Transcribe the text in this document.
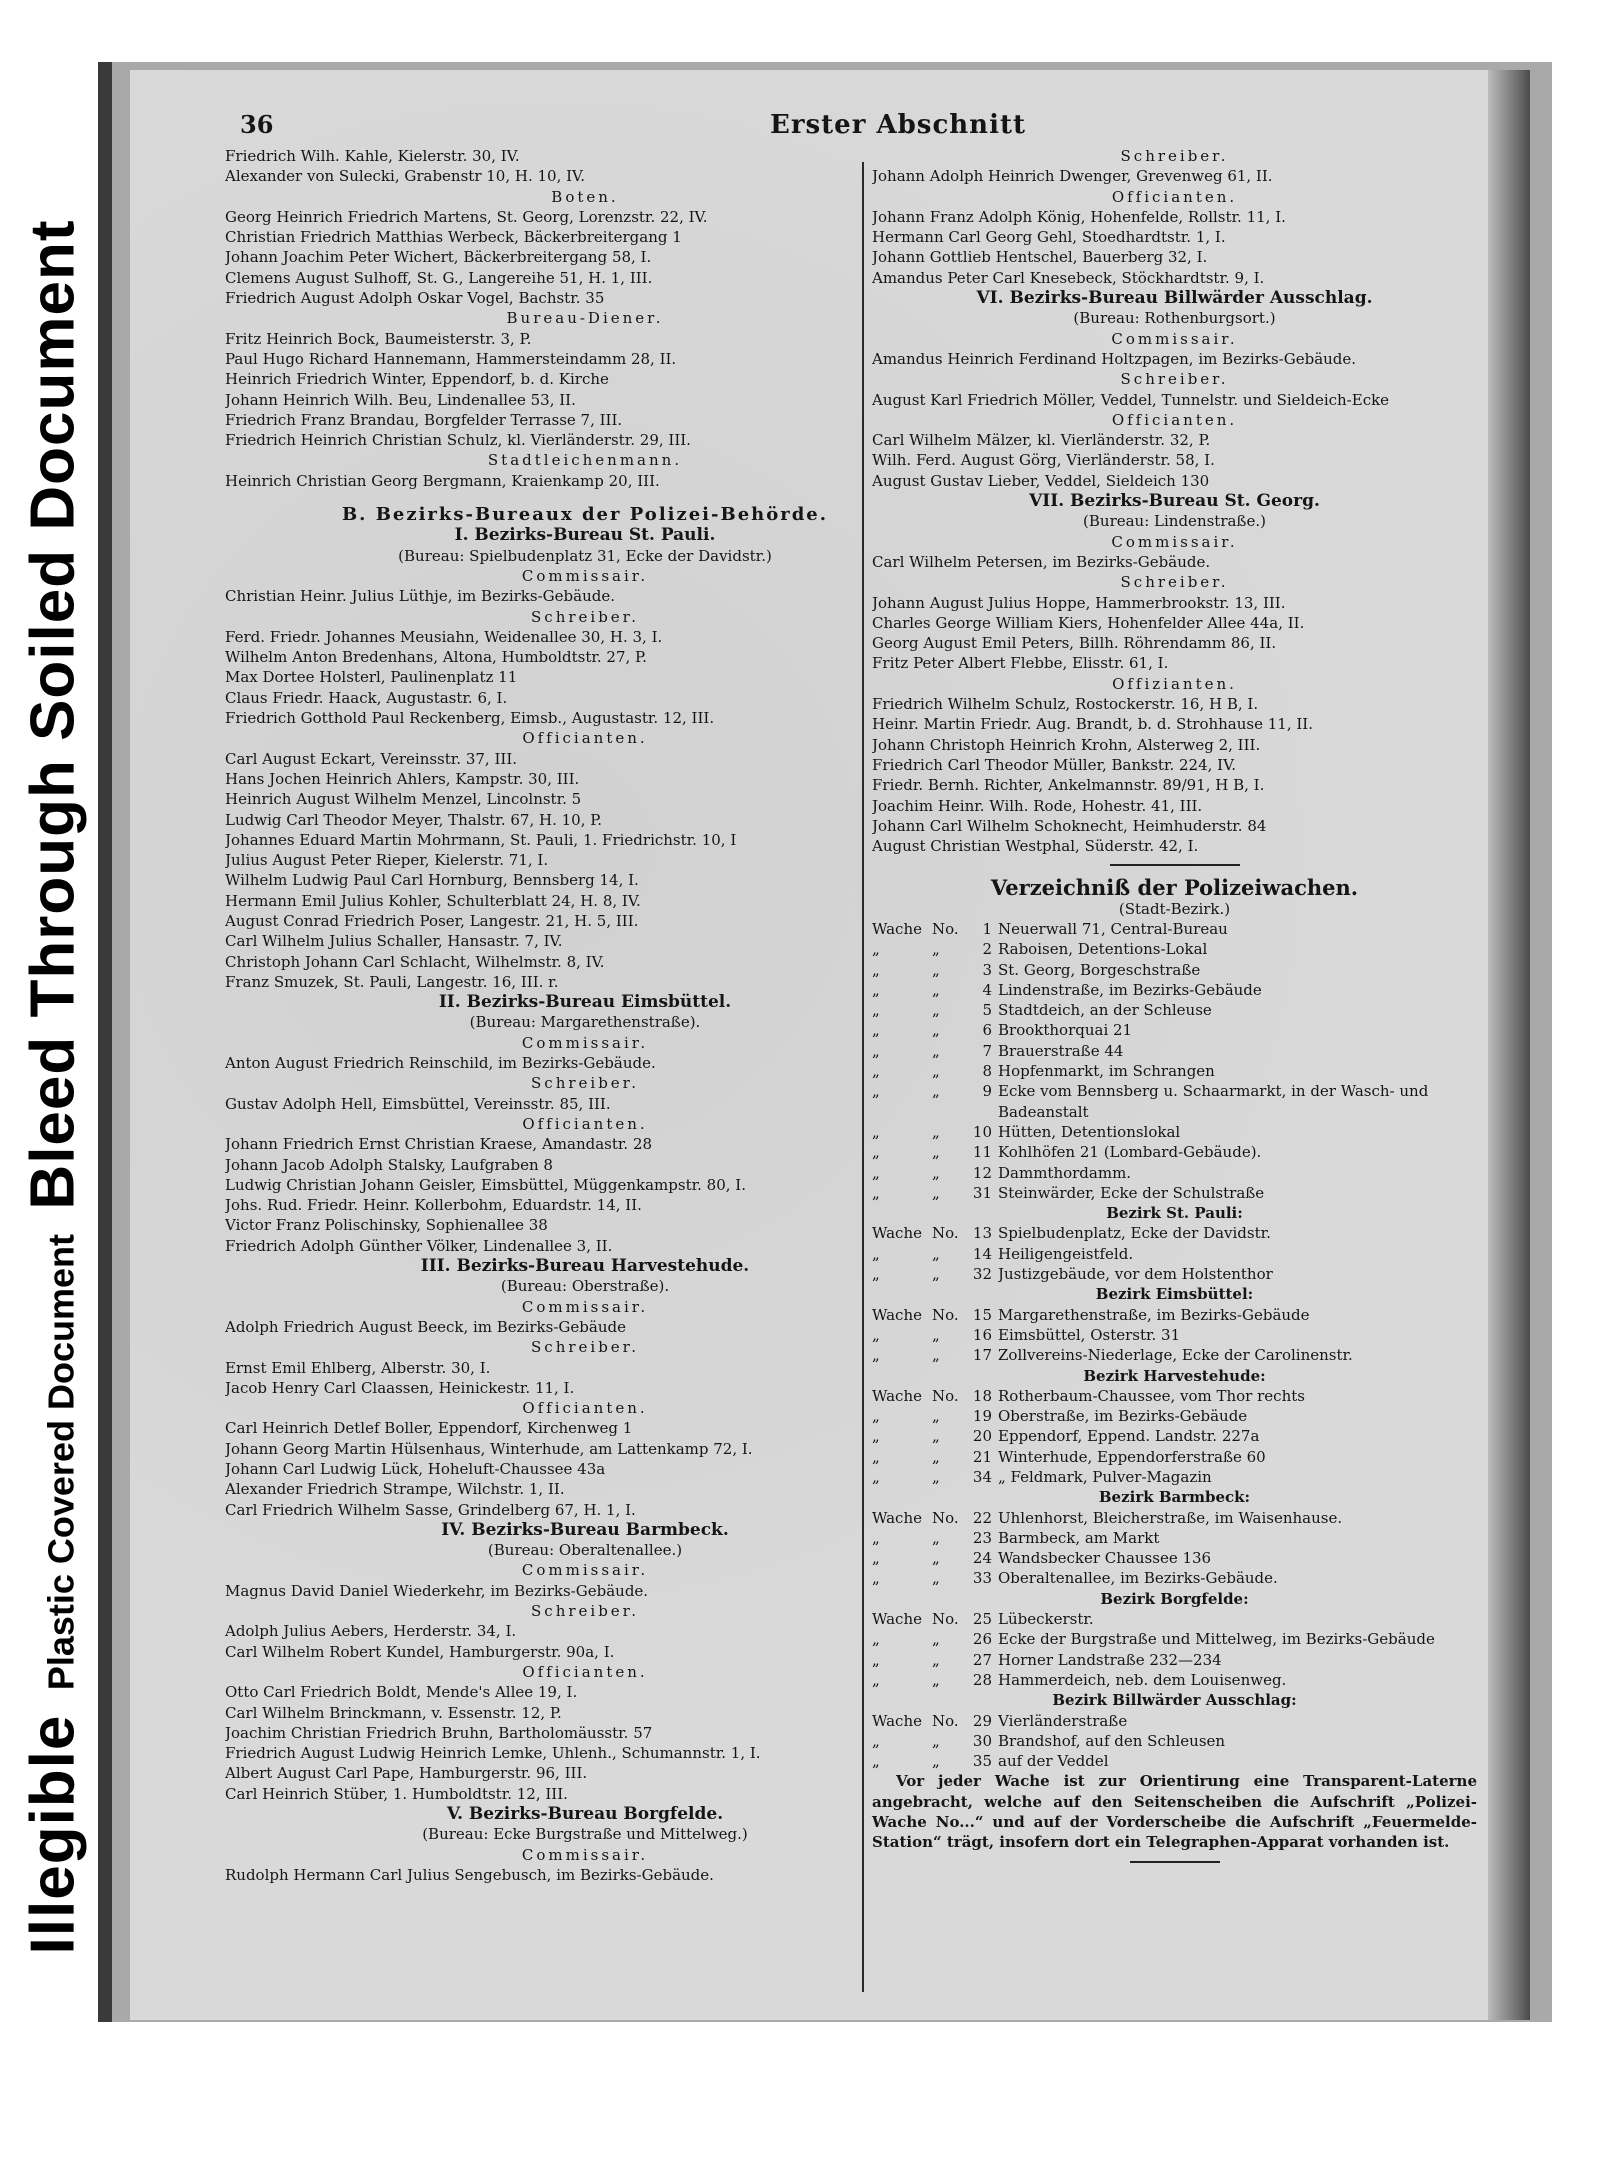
Illegible Plastic Covered Document Bleed Through Soiled Document
36	Erster Abschnitt
Friedrich Wilh. Kahle, Kielerstr. 30, IV.
Alexander von Sulecki, Grabenstr 10, H. 10, IV.
Boten.
Georg Heinrich Friedrich Martens, St. Georg, Lorenzstr. 22, IV.
Christian Friedrich Matthias Werbeck, Bäckerbreitergang 1
Johann Joachim Peter Wichert, Bäckerbreitergang 58, I.
Clemens August Sulhoff, St. G., Langereihe 51, H. 1, III.
Friedrich August Adolph Oskar Vogel, Bachstr. 35
Bureau-Diener.
Fritz Heinrich Bock, Baumeisterstr. 3, P.
Paul Hugo Richard Hannemann, Hammersteindamm 28, II.
Heinrich Friedrich Winter, Eppendorf, b. d. Kirche
Johann Heinrich Wilh. Beu, Lindenallee 53, II.
Friedrich Franz Brandau, Borgfelder Terrasse 7, III.
Friedrich Heinrich Christian Schulz, kl. Vierländerstr. 29, III.
Stadtleichenmann.
Heinrich Christian Georg Bergmann, Kraienkamp 20, III.
B. Bezirks-Bureaux der Polizei-Behörde.
I. Bezirks-Bureau St. Pauli.
(Bureau: Spielbudenplatz 31, Ecke der Davidstr.)
Commissair.
Christian Heinr. Julius Lüthje, im Bezirks-Gebäude.
Schreiber.
Ferd. Friedr. Johannes Meusiahn, Weidenallee 30, H. 3, I.
Wilhelm Anton Bredenhans, Altona, Humboldtstr. 27, P.
Max Dortee Holsterl, Paulinenplatz 11
Claus Friedr. Haack, Augustastr. 6, I.
Friedrich Gotthold Paul Reckenberg, Eimsb., Augustastr. 12, III.
Officianten.
Carl August Eckart, Vereinsstr. 37, III.
Hans Jochen Heinrich Ahlers, Kampstr. 30, III.
Heinrich August Wilhelm Menzel, Lincolnstr. 5
Ludwig Carl Theodor Meyer, Thalstr. 67, H. 10, P.
Johannes Eduard Martin Mohrmann, St. Pauli, 1. Friedrichstr. 10, I
Julius August Peter Rieper, Kielerstr. 71, I.
Wilhelm Ludwig Paul Carl Hornburg, Bennsberg 14, I.
Hermann Emil Julius Kohler, Schulterblatt 24, H. 8, IV.
August Conrad Friedrich Poser, Langestr. 21, H. 5, III.
Carl Wilhelm Julius Schaller, Hansastr. 7, IV.
Christoph Johann Carl Schlacht, Wilhelmstr. 8, IV.
Franz Smuzek, St. Pauli, Langestr. 16, III. r.
II. Bezirks-Bureau Eimsbüttel.
(Bureau: Margarethenstraße).
Commissair.
Anton August Friedrich Reinschild, im Bezirks-Gebäude.
Schreiber.
Gustav Adolph Hell, Eimsbüttel, Vereinsstr. 85, III.
Officianten.
Johann Friedrich Ernst Christian Kraese, Amandastr. 28
Johann Jacob Adolph Stalsky, Laufgraben 8
Ludwig Christian Johann Geisler, Eimsbüttel, Müggenkampstr. 80, I.
Johs. Rud. Friedr. Heinr. Kollerbohm, Eduardstr. 14, II.
Victor Franz Polischinsky, Sophienallee 38
Friedrich Adolph Günther Völker, Lindenallee 3, II.
III. Bezirks-Bureau Harvestehude.
(Bureau: Oberstraße).
Commissair.
Adolph Friedrich August Beeck, im Bezirks-Gebäude
Schreiber.
Ernst Emil Ehlberg, Alberstr. 30, I.
Jacob Henry Carl Claassen, Heinickestr. 11, I.
Officianten.
Carl Heinrich Detlef Boller, Eppendorf, Kirchenweg 1
Johann Georg Martin Hülsenhaus, Winterhude, am Lattenkamp 72, I.
Johann Carl Ludwig Lück, Hoheluft-Chaussee 43a
Alexander Friedrich Strampe, Wilchstr. 1, II.
Carl Friedrich Wilhelm Sasse, Grindelberg 67, H. 1, I.
IV. Bezirks-Bureau Barmbeck.
(Bureau: Oberaltenallee.)
Commissair.
Magnus David Daniel Wiederkehr, im Bezirks-Gebäude.
Schreiber.
Adolph Julius Aebers, Herderstr. 34, I.
Carl Wilhelm Robert Kundel, Hamburgerstr. 90a, I.
Officianten.
Otto Carl Friedrich Boldt, Mende's Allee 19, I.
Carl Wilhelm Brinckmann, v. Essenstr. 12, P.
Joachim Christian Friedrich Bruhn, Bartholomäusstr. 57
Friedrich August Ludwig Heinrich Lemke, Uhlenh., Schumannstr. 1, I.
Albert August Carl Pape, Hamburgerstr. 96, III.
Carl Heinrich Stüber, 1. Humboldtstr. 12, III.
V. Bezirks-Bureau Borgfelde.
(Bureau: Ecke Burgstraße und Mittelweg.)
Commissair.
Rudolph Hermann Carl Julius Sengebusch, im Bezirks-Gebäude.
Schreiber.
Johann Adolph Heinrich Dwenger, Grevenweg 61, II.
Officianten.
Johann Franz Adolph König, Hohenfelde, Rollstr. 11, I.
Hermann Carl Georg Gehl, Stoedhardtstr. 1, I.
Johann Gottlieb Hentschel, Bauerberg 32, I.
Amandus Peter Carl Knesebeck, Stöckhardtstr. 9, I.
VI. Bezirks-Bureau Billwärder Ausschlag.
(Bureau: Rothenburgsort.)
Commissair.
Amandus Heinrich Ferdinand Holtzpagen, im Bezirks-Gebäude.
Schreiber.
August Karl Friedrich Möller, Veddel, Tunnelstr. und Sieldeich-Ecke
Officianten.
Carl Wilhelm Mälzer, kl. Vierländerstr. 32, P.
Wilh. Ferd. August Görg, Vierländerstr. 58, I.
August Gustav Lieber, Veddel, Sieldeich 130
VII. Bezirks-Bureau St. Georg.
(Bureau: Lindenstraße.)
Commissair.
Carl Wilhelm Petersen, im Bezirks-Gebäude.
Schreiber.
Johann August Julius Hoppe, Hammerbrookstr. 13, III.
Charles George William Kiers, Hohenfelder Allee 44a, II.
Georg August Emil Peters, Billh. Röhrendamm 86, II.
Fritz Peter Albert Flebbe, Elisstr. 61, I.
Offizianten.
Friedrich Wilhelm Schulz, Rostockerstr. 16, H B, I.
Heinr. Martin Friedr. Aug. Brandt, b. d. Strohhause 11, II.
Johann Christoph Heinrich Krohn, Alsterweg 2, III.
Friedrich Carl Theodor Müller, Bankstr. 224, IV.
Friedr. Bernh. Richter, Ankelmannstr. 89/91, H B, I.
Joachim Heinr. Wilh. Rode, Hohestr. 41, III.
Johann Carl Wilhelm Schoknecht, Heimhuderstr. 84
August Christian Westphal, Süderstr. 42, I.
Verzeichniß der Polizeiwachen.
(Stadt-Bezirk.)
Wache No.	1 Neuerwall 71, Central-Bureau
„	„	2 Raboisen, Detentions-Lokal
„	„	3 St. Georg, Borgeschstraße
„	„	4 Lindenstraße, im Bezirks-Gebäude
„	„	5 Stadtdeich, an der Schleuse
„	„	6 Brookthorquai 21
„	„	7 Brauerstraße 44
„	„	8 Hopfenmarkt, im Schrangen
„	„	9 Ecke vom Bennsberg u. Schaarmarkt, in der Wasch- und
Badeanstalt
„	„	10 Hütten, Detentionslokal
„	„	11 Kohlhöfen 21 (Lombard-Gebäude).
„	„	12 Dammthordamm.
„	„	31 Steinwärder, Ecke der Schulstraße
Bezirk St. Pauli:
Wache No. 13 Spielbudenplatz, Ecke der Davidstr.
„	„	14 Heiligengeistfeld.
„	„	32 Justizgebäude, vor dem Holstenthor
Bezirk Eimsbüttel:
Wache No. 15 Margarethenstraße, im Bezirks-Gebäude
„	„	16 Eimsbüttel, Osterstr. 31
„	„	17 Zollvereins-Niederlage, Ecke der Carolinenstr.
Bezirk Harvestehude:
Wache No. 18 Rotherbaum-Chaussee, vom Thor rechts
„	„	19 Oberstraße, im Bezirks-Gebäude
„	„	20 Eppendorf, Eppend. Landstr. 227a
„	„	21 Winterhude, Eppendorferstraße 60
„	„	34 „ Feldmark, Pulver-Magazin
Bezirk Barmbeck:
Wache No. 22 Uhlenhorst, Bleicherstraße, im Waisenhause.
„	„	23 Barmbeck, am Markt
„	„	24 Wandsbecker Chaussee 136
„	„	33 Oberaltenallee, im Bezirks-Gebäude.
Bezirk Borgfelde:
Wache No. 25 Lübeckerstr.
„	„	26 Ecke der Burgstraße und Mittelweg, im Bezirks-Gebäude
„	„	27 Horner Landstraße 232—234
„	„	28 Hammerdeich, neb. dem Louisenweg.
Bezirk Billwärder Ausschlag:
Wache No. 29 Vierländerstraße
„	„	30 Brandshof, auf den Schleusen
„	„	35 auf der Veddel
Vor jeder Wache ist zur Orientirung eine Transparent-Laterne angebracht, welche auf den Seitenscheiben die Aufschrift „Polizei-Wache No...“ und auf der Vorderscheibe die Aufschrift „Feuermelde-Station“ trägt, insofern dort ein Telegraphen-Apparat vorhanden ist.
